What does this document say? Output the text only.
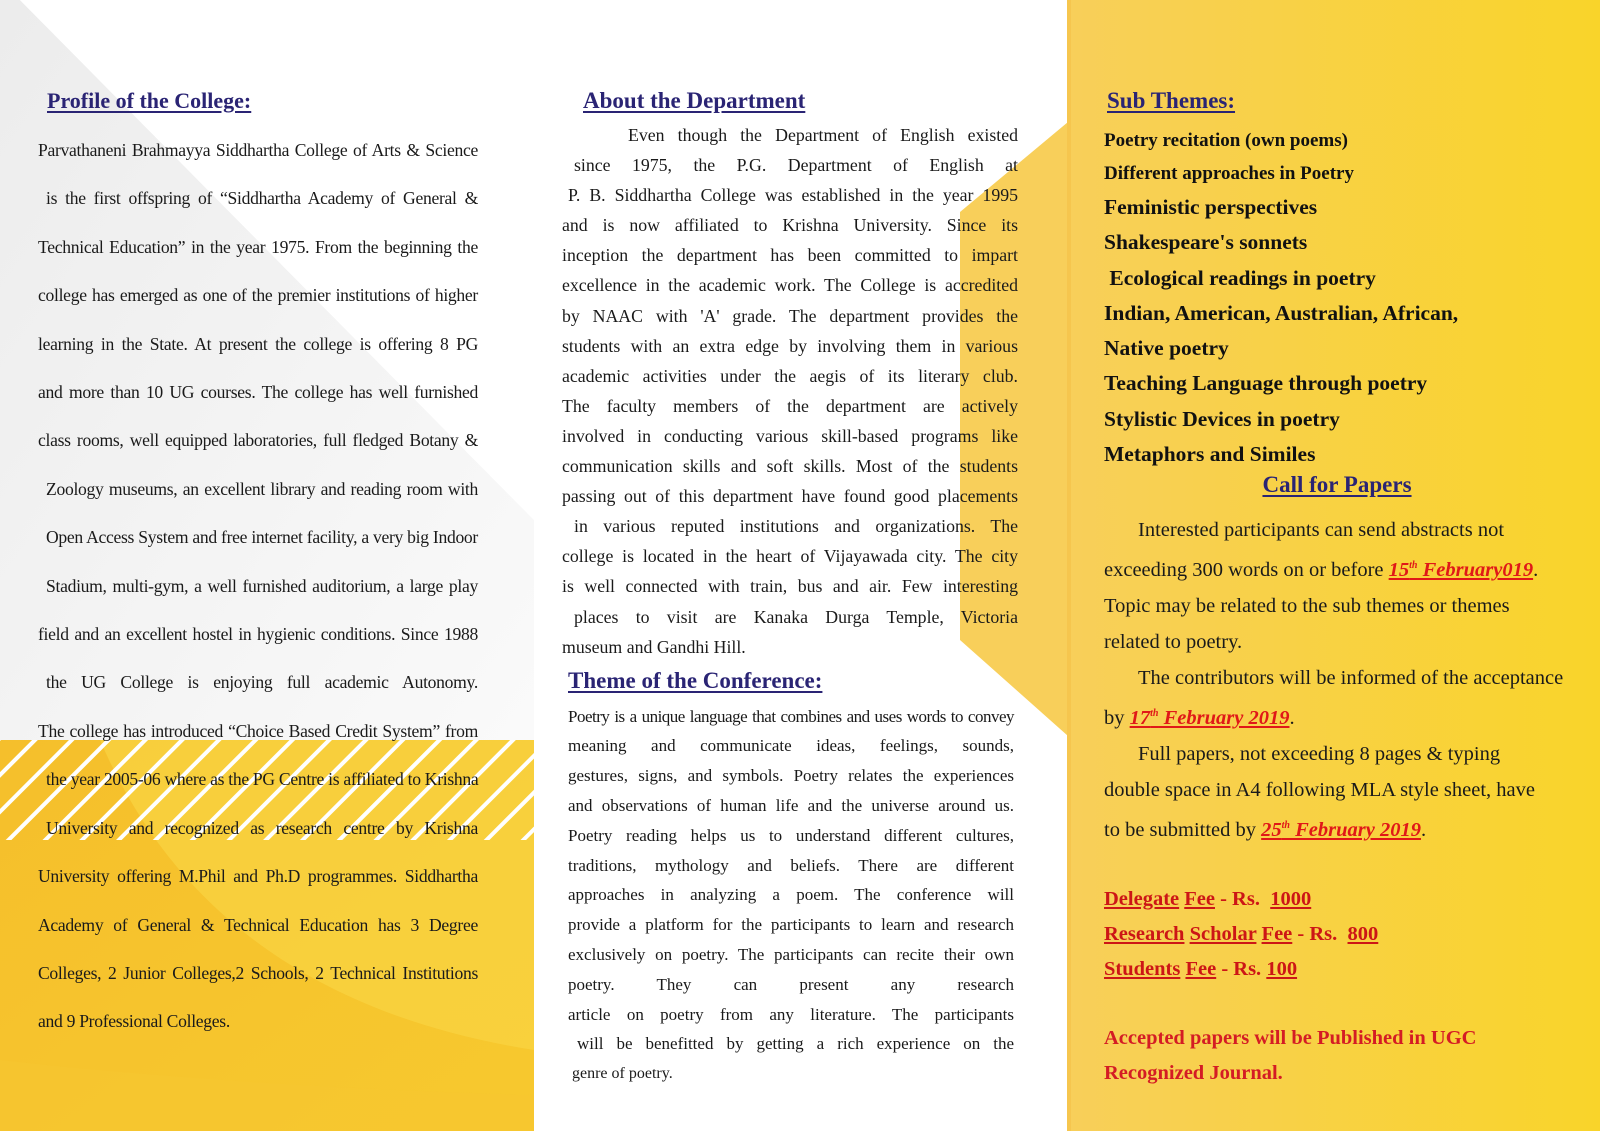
Profile of the College:

Parvathaneni Brahmayya Siddhartha College of Arts & Science

is the first offspring of “Siddhartha Academy of General &

Technical Education” in the year 1975. From the beginning the

college has emerged as one of the premier institutions of higher

learning in the State. At present the college is offering 8 PG

and more than 10 UG courses. The college has well furnished

class rooms, well equipped laboratories, full fledged Botany &

Zoology museums, an excellent library and reading room with

Open Access System and free internet facility, a very big Indoor

Stadium, multi-gym, a well furnished auditorium, a large play

field and an excellent hostel in hygienic conditions. Since 1988

the UG College is enjoying full academic Autonomy.

The college has introduced “Choice Based Credit System” from

the year 2005-06 where as the PG Centre is affiliated to Krishna

University and recognized as research centre by Krishna

University offering M.Phil and Ph.D programmes. Siddhartha

Academy of General & Technical Education has 3 Degree

Colleges, 2 Junior Colleges,2 Schools, 2 Technical Institutions

and 9 Professional Colleges.

About the Department

Even though the Department of English existed

since 1975, the P.G. Department of English at

P. B. Siddhartha College was established in the year 1995

and is now affiliated to Krishna University. Since its

inception the department has been committed to impart

excellence in the academic work. The College is accredited

by NAAC with 'A' grade. The department provides the

students with an extra edge by involving them in various

academic activities under the aegis of its literary club.

The faculty members of the department are actively

involved in conducting various skill-based programs like

communication skills and soft skills. Most of the students

passing out of this department have found good placements

in various reputed institutions and organizations. The

college is located in the heart of Vijayawada city. The city

is well connected with train, bus and air. Few interesting

places to visit are Kanaka Durga Temple, Victoria

museum and Gandhi Hill.

Theme of the Conference:

Poetry is a unique language that combines and uses words to convey

meaning and communicate ideas, feelings, sounds,

gestures, signs, and symbols. Poetry relates the experiences

and observations of human life and the universe around us.

Poetry reading helps us to understand different cultures,

traditions, mythology and beliefs. There are different

approaches in analyzing a poem. The conference will

provide a platform for the participants to learn and research

exclusively on poetry. The participants can recite their own

poetry. They can present any research

article on poetry from any literature. The participants

will be benefitted by getting a rich experience on the

genre of poetry.

Sub Themes:
Poetry recitation (own poems)
Different approaches in Poetry
Feministic perspectives
Shakespeare's sonnets
Ecological readings in poetry
Indian, American, Australian, African,
Native poetry
Teaching Language through poetry
Stylistic Devices in poetry
Metaphors and Similes
Call for Papers

Interested participants can send abstracts not

exceeding 300 words on or before 15th February019.

Topic may be related to the sub themes or themes

related to poetry.

The contributors will be informed of the acceptance

by 17th February 2019.

Full papers, not exceeding 8 pages & typing

double space in A4 following MLA style sheet, have

to be submitted by 25th February 2019.

Delegate Fee - Rs.  1000

Research Scholar Fee - Rs.  800

Students Fee - Rs. 100

Accepted papers will be Published in UGC Recognized Journal.
